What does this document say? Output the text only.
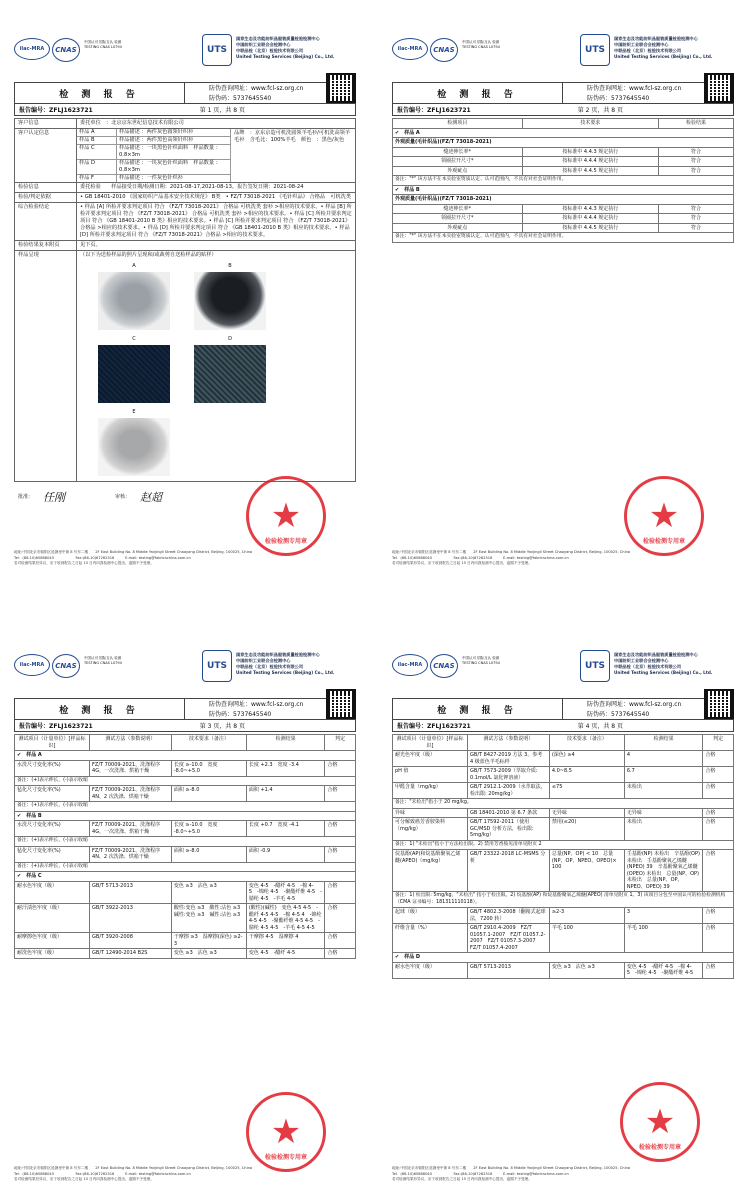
ilac-MRA	CNAS
中国认可 国际互认 检测 TESTING CNAS L0794	UTS
国家生态及功能纺织品服装质量检验检测中心
中国纺织工业联合会检测中心
中联品检（北京）检验技术有限公司
United Testing Services (Beijing) Co., Ltd.
检 测 报 告
防伪查询网址：www.fcl-sz.org.cn
防伪码：5737645540
报告编号：ZFLJ1623721	第 1 页，共 8 页
客户信息	委托单位　：北京京东世纪信息技术有限公司
客户认定信息	样品 A	样品描述 ：两件灰色圆领针织衫
样品 B	样品描述 ：两件黑色高领针织衫
样品 C	样品描述 ：一块黑色针织面料　样品数量 ：0.8×3m
样品 D	样品描述 ：一块灰色针织面料　样品数量 ：0.8×3m
样品 F	样品描述 ：一件灰色针织衫
品牌　：京东京造可机洗圆领羊毛衫/可机洗高领羊毛衫　含毛比：100%羊毛　颜色　：黑色/灰色
检验信息	委托检验　　样品接受日期/检测日期：2021-08-17,2021-08-13。报告签发日期：2021-08-24
检验/判定依据	• GB 18401-2010 《国家纺织产品基本安全技术规范》 B类　• FZ/T 73018-2021 《毛针织品》 合格品　可机洗类
综合检验结论	• 样品 [A] 所检并要求判定项目 符合 《FZ/T 73018-2021》 合格品 可机洗类 套衫 >相应的技术要求。• 样品 [B] 所检并要求判定项目 符合 《FZ/T 73018-2021》 合格品 可机洗类 套衫 >相应的技术要求。• 样品 [C] 所检并要求判定项目 符合 《GB 18401-2010 B 类》相应的技术要求。• 样品 [C] 所检并要求判定项目 符合 《FZ/T 73018-2021》合格品 >相应的技术要求。• 样品 [D] 所检并要求判定项目 符合 《GB 18401-2010 B 类》相应的技术要求。• 样品 [D] 所检并要求判定项目 符合 《FZ/T 73018-2021》合格品 >相应的技术要求。
检验结果复本附页	见下页。
样品呈现	（以下为送检样品的照片呈现和/或裁剪自送检样品的贴样）
A	B
C	D
E
批准： 任刚	审核： 赵超	★
检验检测专用章
地址:中国北京市朝阳区延静里中街 8 号东二楼　　2F East Building No. 8 Middle Yanjingli Street Chaoyang District, Beijing, 100025, China
Tel：(86-10)65868043　　　　　　Fax:(86-10)67262516　　　E-mail: testing@fabricschina.com.cn
若对检测结果有异议，应于收到报告之日起 15 日内向我检测中心提出，逾期不予受理。
ilac-MRA	CNAS
中国认可 国际互认 检测 TESTING CNAS L0794	UTS
国家生态及功能纺织品服装质量检验检测中心
中国纺织工业联合会检测中心
中联品检（北京）检验技术有限公司
United Testing Services (Beijing) Co., Ltd.
检 测 报 告
防伪查询网址：www.fcl-sz.org.cn
防伪码：5737645540
报告编号：ZFLJ1623721	第 2 页，共 8 页
检测项目	技术要求	检验结果
✔　样品 A		
外观质量(毛针织品)(FZ/T 73018-2021)		
缝迹伸长率*	按标准中 4.4.3 规定执行	符合
领圈拉开尺寸*	按标准中 4.4.4 规定执行	符合
外观疵点	按标准中 4.4.5 规定执行	符合
备注："*" 该方法不在本实验室资质认定、认可范围内，不具有对社会证明作用。		
✔　样品 B		
外观质量(毛针织品)(FZ/T 73018-2021)		
缝迹伸长率*	按标准中 4.4.3 规定执行	符合
领圈拉开尺寸*	按标准中 4.4.4 规定执行	符合
外观疵点	按标准中 4.4.5 规定执行	符合
备注："*" 该方法不在本实验室资质认定、认可范围内，不具有对社会证明作用。		
★
检验检测专用章
地址:中国北京市朝阳区延静里中街 8 号东二楼　　2F East Building No. 8 Middle Yanjingli Street Chaoyang District, Beijing, 100025, China
Tel：(86-10)65868043　　　　　　Fax:(86-10)67262516　　　E-mail: testing@fabricschina.com.cn
若对检测结果有异议，应于收到报告之日起 15 日内向我检测中心提出，逾期不予受理。
ilac-MRA	CNAS
中国认可 国际互认 检测 TESTING CNAS L0794	UTS
国家生态及功能纺织品服装质量检验检测中心
中国纺织工业联合会检测中心
中联品检（北京）检验技术有限公司
United Testing Services (Beijing) Co., Ltd.
检 测 报 告
防伪查询网址：www.fcl-sz.org.cn
防伪码：5737645540
报告编号：ZFLJ1623721	第 3 页，共 8 页
测试项目（计量单位）[样品标识]	测试方法（参数说明）	技术要求（备注）	检测结果	判定
✔　样品 A				
水洗尺寸变化率(%)	FZ/T 70009-2021、洗涤程序 4G，一次洗涤、烘箱干燥	长度 ≥-10.0　宽度 -8.0~+5.0	长度 +2.3　宽度 -3.4	合格
备注：(+)表示伸长，(-)表示收缩				
毡化尺寸变化率(%)	FZ/T 70009-2021、洗涤程序 4N、2 次洗涤、烘箱干燥	面积 ≥-8.0	面积 +1.4	合格
备注：(+)表示伸长，(-)表示收缩				
✔　样品 B				
水洗尺寸变化率(%)	FZ/T 70009-2021、洗涤程序 4G，一次洗涤、烘箱干燥	长度 ≥-10.0　宽度 -8.0~+5.0	长度 +0.7　宽度 -4.1	合格
备注：(+)表示伸长，(-)表示收缩				
毡化尺寸变化率(%)	FZ/T 70009-2021、洗涤程序 4N、2 次洗涤、烘箱干燥	面积 ≥-8.0	面积 -0.9	合格
备注：(+)表示伸长，(-)表示收缩				
✔　样品 C				
耐水色牢度（级）	GB/T 5713-2013	变色 ≥3　沾色 ≥3	变色 4-5　-醋纤 4-5　-棉 4-5　-锦纶 4-5　-聚酯纤维 4-5　-腈纶 4-5　-羊毛 4-5	合格
耐汗渍色牢度（级）	GB/T 3922-2013	酸性:变色 ≥3　酸性:沾色 ≥3　碱性:变色 ≥3　碱性:沾色 ≥3	(酸性)(碱性)　变色 4-5 4-5　-醋纤 4-5 4-5　-棉 4-5 4　-锦纶 4-5 4-5　-聚酯纤维 4-5 4-5　-腈纶 4-5 4-5　-羊毛 4-5 4-5	合格
耐摩擦色牢度（级）	GB/T 3920-2008	干摩擦 ≥3　湿摩擦(深色) ≥2-3	干摩擦 4-5　湿摩擦 4	合格
耐洗色牢度（级）	GB/T 12490-2014 B2S	变色 ≥3　沾色 ≥3	变色 4-5　-醋纤 4-5	合格
★
检验检测专用章
地址:中国北京市朝阳区延静里中街 8 号东二楼　　2F East Building No. 8 Middle Yanjingli Street Chaoyang District, Beijing, 100025, China
Tel：(86-10)65868043　　　　　　Fax:(86-10)67262516　　　E-mail: testing@fabricschina.com.cn
若对检测结果有异议，应于收到报告之日起 15 日内向我检测中心提出，逾期不予受理。
ilac-MRA	CNAS
中国认可 国际互认 检测 TESTING CNAS L0794	UTS
国家生态及功能纺织品服装质量检验检测中心
中国纺织工业联合会检测中心
中联品检（北京）检验技术有限公司
United Testing Services (Beijing) Co., Ltd.
检 测 报 告
防伪查询网址：www.fcl-sz.org.cn
防伪码：5737645540
报告编号：ZFLJ1623721	第 4 页，共 8 页
测试项目（计量单位）[样品标识]	测试方法（参数说明）	技术要求（备注）	检测结果	判定
耐光色牢度（级）	GB/T 8427-2019 方法 3、参考 4 级蓝色羊毛标样	(深色) ≥4	4	合格
pH 值	GB/T 7573-2009（萃取介质: 0.1mol/L 氯化钾溶液）	4.0~8.5	6.7	合格
甲醛含量（mg/kg）	GB/T 2912.1-2009（水萃取法，检出限: 20mg/kg）	≤75	未检出	合格
备注："未检出"指小于 20 mg/kg。				
异味	GB 18401-2010 第 6.7 条款	无异味	无异味	合格
可分解致癌芳香胺染料（mg/kg）	GB/T 17592-2011（使用 GC/MSD 分析方法，检出限: 5mg/kg）	禁用(≤20)	未检出	合格
备注：1) "未检出"指小于方法检出限。2) 禁用芳香胺见清单见附页 2				
烷基酚(AP)和烷基酚聚氧乙烯醚(APEO)（mg/kg）	GB/T 23322-2018 LC-MSMS 分析	总量(NP、OP) < 10　总量(NP、OP、NPEO、OPEO)× 100	壬基酚(NP) 未检出　辛基酚(OP) 未检出　壬基酚聚氧乙烯醚(NPEO) 39　辛基酚聚氧乙烯醚(OPEO) 未检出　总量(NP、OP) 未检出　总量(NP、OP、NPEO、OPEO) 39	合格
备注：1) 检出限: 5mg/kg，"未检出" 指小于检出限。2) 烷基酚(AP) 和烷基酚聚氧乙烯醚(APEO) 清单见附页 1。3) 该项目分包至中国认可的检验检测机构（CMA 证书编号：181311110118）。				
起球（级）	GB/T 4802.3-2008（翻箱式起球法，7200 转）	≥2-3	3	合格
纤维含量（%）	GB/T 2910.4-2009　FZ/T 01057.1-2007　FZ/T 01057.2-2007　FZ/T 01057.3-2007　FZ/T 01057.4-2007	羊毛 100	羊毛 100	合格
✔　样品 D				
耐水色牢度（级）	GB/T 5713-2013	变色 ≥3　沾色 ≥3	变色 4-5　-醋纤 4-5　-棉 4-5　-锦纶 4-5　-聚酯纤维 4-5	合格
★
检验检测专用章
地址:中国北京市朝阳区延静里中街 8 号东二楼　　2F East Building No. 8 Middle Yanjingli Street Chaoyang District, Beijing, 100025, China
Tel：(86-10)65868043　　　　　　Fax:(86-10)67262516　　　E-mail: testing@fabricschina.com.cn
若对检测结果有异议，应于收到报告之日起 15 日内向我检测中心提出，逾期不予受理。
